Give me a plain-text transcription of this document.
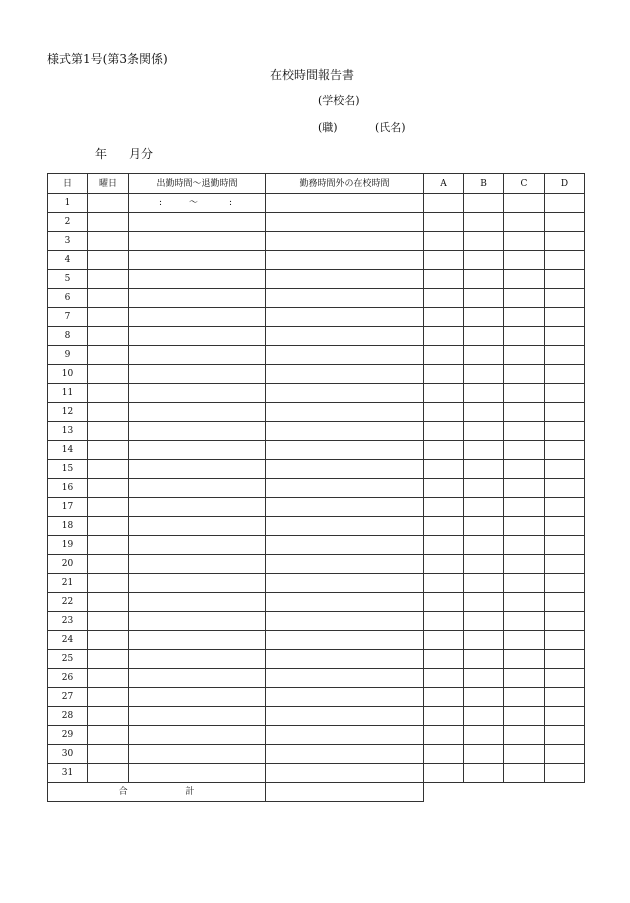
様式第1号(第3条関係)
在校時間報告書
(学校名)
(職)	(氏名)
年 月分
日	曜日	出勤時間～退勤時間	勤務時間外の在校時間	A	B	C	D
1		: 〜 :					

2							
3							
4							
5							
6							
7							
8							
9							
10							
11							
12							
13							
14							
15							
16							
17							
18							
19							
20							
21							
22							
23							
24							
25							
26							
27							
28							
29							
30							
31							
合 計							
